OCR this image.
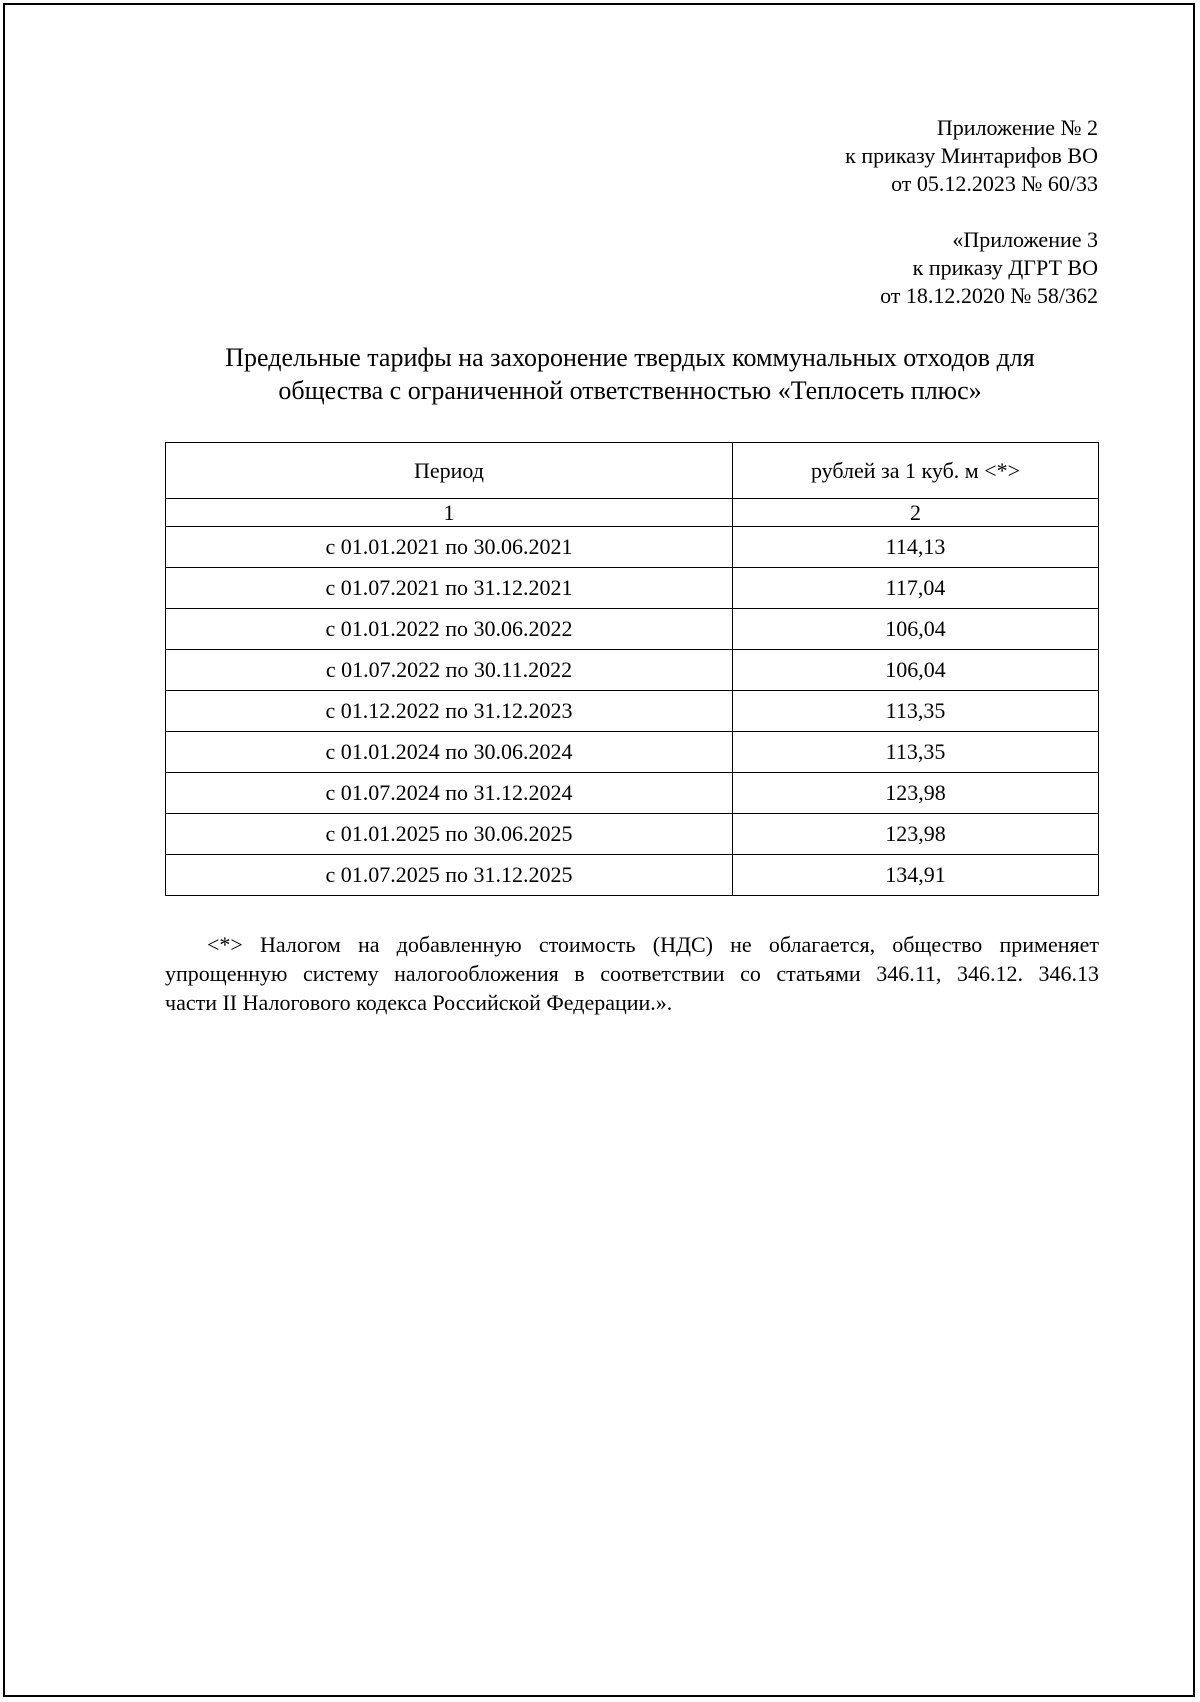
Приложение № 2
к приказу Минтарифов ВО
от 05.12.2023 № 60/33
«Приложение 3
к приказу ДГРТ ВО
от 18.12.2020 № 58/362
Предельные тарифы на захоронение твердых коммунальных отходов для
общества с ограниченной ответственностью «Теплосеть плюс»
Период	рублей за 1 куб. м <*>
1	2
с 01.01.2021 по 30.06.2021	114,13
с 01.07.2021 по 31.12.2021	117,04
с 01.01.2022 по 30.06.2022	106,04
с 01.07.2022 по 30.11.2022	106,04
с 01.12.2022 по 31.12.2023	113,35
с 01.01.2024 по 30.06.2024	113,35
с 01.07.2024 по 31.12.2024	123,98
с 01.01.2025 по 30.06.2025	123,98
с 01.07.2025 по 31.12.2025	134,91

<*> Налогом на добавленную стоимость (НДС) не облагается, общество применяет

упрощенную систему налогообложения в соответствии со статьями 346.11, 346.12. 346.13

части II Налогового кодекса Российской Федерации.».
